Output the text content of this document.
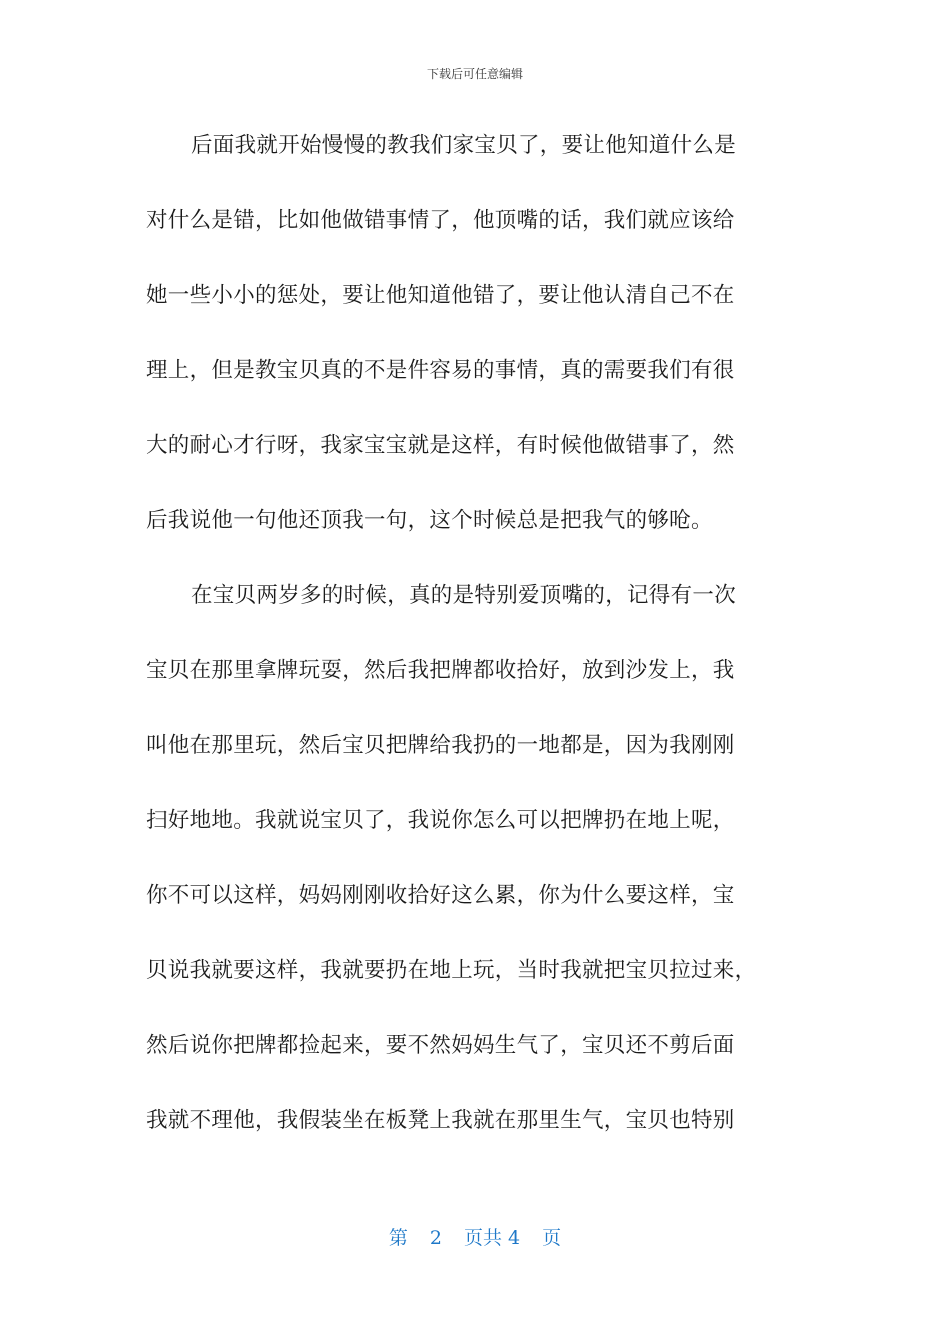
下载后可任意编辑
后面我就开始慢慢的教我们家宝贝了，要让他知道什么是
对什么是错，比如他做错事情了，他顶嘴的话，我们就应该给
她一些小小的惩处，要让他知道他错了，要让他认清自己不在
理上，但是教宝贝真的不是件容易的事情，真的需要我们有很
大的耐心才行呀，我家宝宝就是这样，有时候他做错事了，然
后我说他一句他还顶我一句，这个时候总是把我气的够呛。
在宝贝两岁多的时候，真的是特别爱顶嘴的，记得有一次
宝贝在那里拿牌玩耍，然后我把牌都收拾好，放到沙发上，我
叫他在那里玩，然后宝贝把牌给我扔的一地都是，因为我刚刚
扫好地地。我就说宝贝了，我说你怎么可以把牌扔在地上呢，
你不可以这样，妈妈刚刚收拾好这么累，你为什么要这样，宝
贝说我就要这样，我就要扔在地上玩，当时我就把宝贝拉过来，
然后说你把牌都捡起来，要不然妈妈生气了，宝贝还不剪后面
我就不理他，我假装坐在板凳上我就在那里生气，宝贝也特别
第 2 页共 4 页
